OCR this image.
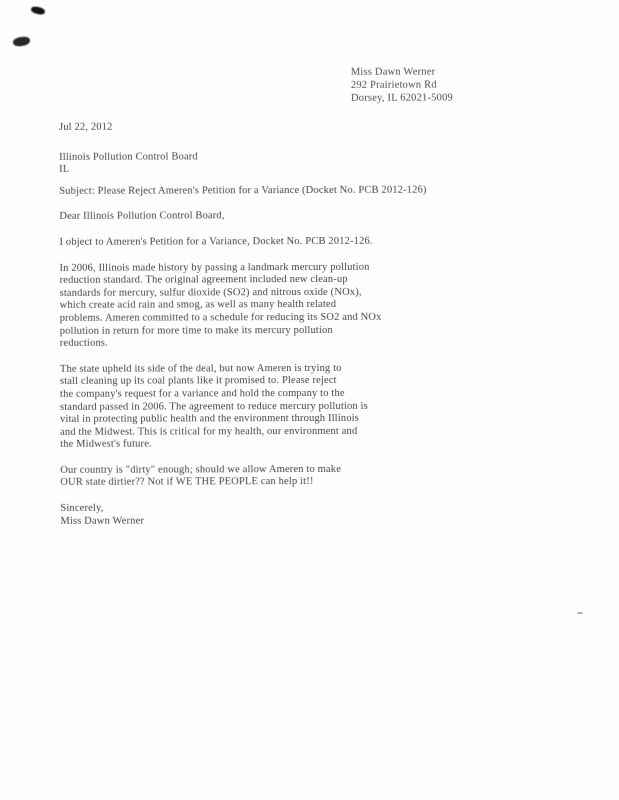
Miss Dawn Werner
292 Prairietown Rd
Dorsey, IL 62021-5009
Jul 22, 2012
Illinois Pollution Control Board
IL
Subject: Please Reject Ameren's Petition for a Variance (Docket No. PCB 2012-126)
Dear Illinois Pollution Control Board,
I object to Ameren's Petition for a Variance, Docket No. PCB 2012-126.
In 2006, Illinois made history by passing a landmark mercury pollution
reduction standard. The original agreement included new clean-up
standards for mercury, sulfur dioxide (SO2) and nitrous oxide (NOx),
which create acid rain and smog, as well as many health related
problems. Ameren committed to a schedule for reducing its SO2 and NOx
pollution in return for more time to make its mercury pollution
reductions.
The state upheld its side of the deal, but now Ameren is trying to
stall cleaning up its coal plants like it promised to. Please reject
the company's request for a variance and hold the company to the
standard passed in 2006. The agreement to reduce mercury pollution is
vital in protecting public health and the environment through Illinois
and the Midwest. This is critical for my health, our environment and
the Midwest's future.
Our country is "dirty" enough; should we allow Ameren to make
OUR state dirtier?? Not if WE THE PEOPLE can help it!!
Sincerely,
Miss Dawn Werner
